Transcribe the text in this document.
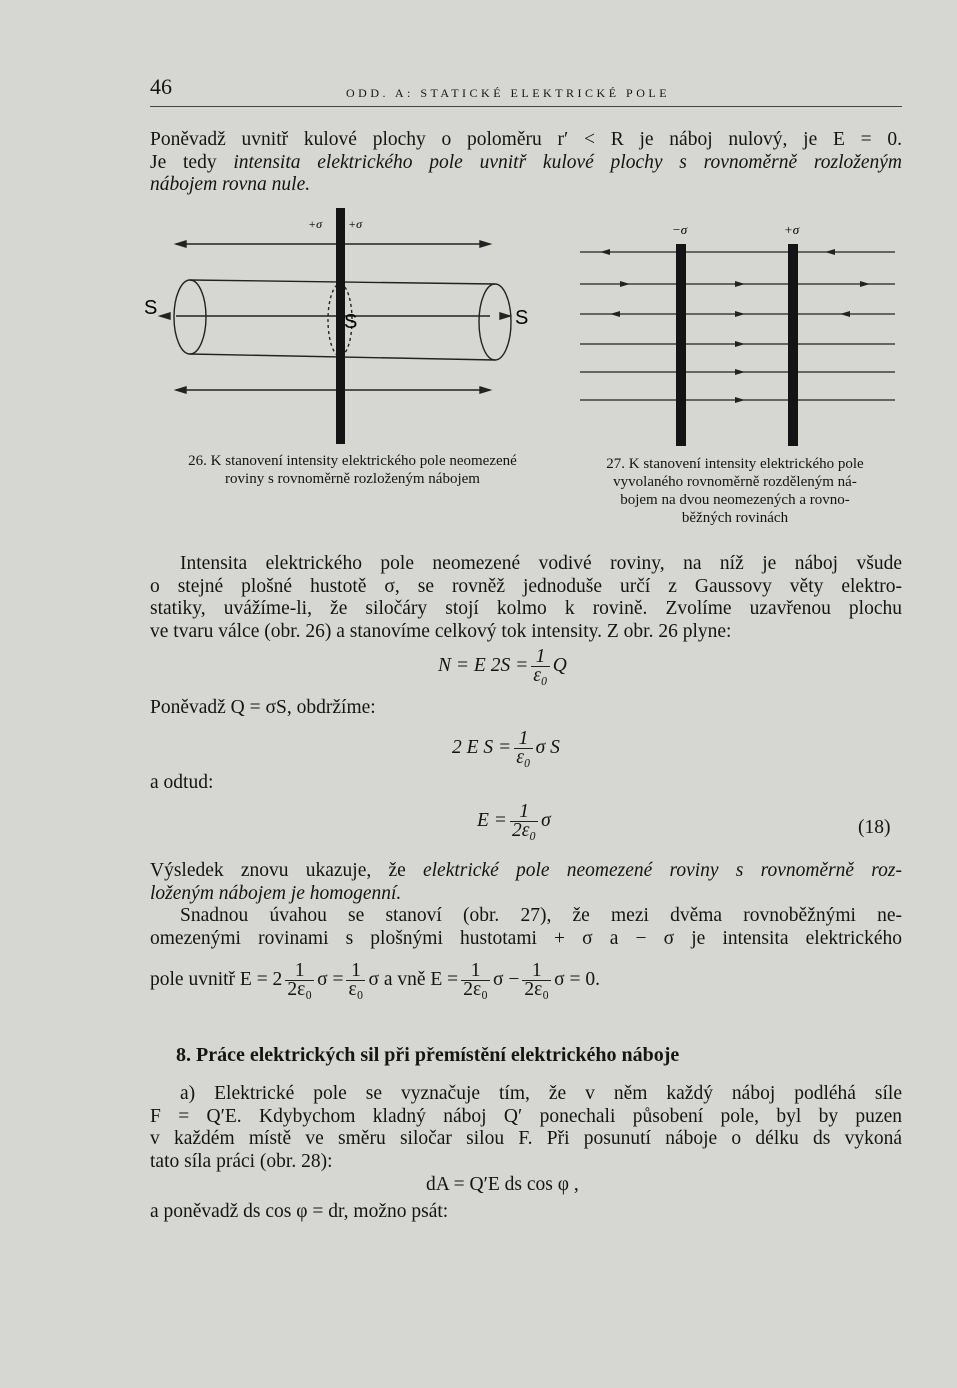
46	ODD. A: STATICKÉ ELEKTRICKÉ POLE
Poněvadž uvnitř kulové plochy o poloměru r′ < R je náboj nulový, je E = 0.
Je tedy intensita elektrického pole uvnitř kulové plochy s rovnoměrně rozloženým
nábojem rovna nule.
+σ +σ
S
S	S
26. K stanovení intensity elektrického pole neomezené
roviny s rovnoměrně rozloženým nábojem
−σ	+σ
27. K stanovení intensity elektrického pole
vyvolaného rovnoměrně rozděleným ná-
bojem na dvou neomezených a rovno-
běžných rovinách
Intensita elektrického pole neomezené vodivé roviny, na níž je náboj všude
o stejné plošné hustotě σ, se rovněž jednoduše určí z Gaussovy věty elektro-
statiky, uvážíme-li, že siločáry stojí kolmo k rovině. Zvolíme uzavřenou plochu
ve tvaru válce (obr. 26) a stanovíme celkový tok intensity. Z obr. 26 plyne:
N = E $2S = \frac{1}{\text{ε₀}}$ Q
Poněvadž Q = σS, obdržíme:
2 E $S = \frac{1}{\text{ε₀}}$ σ S
a odtud:
$E = \frac{1}{\text{2ε₀}}$ σ	(18)
Výsledek znovu ukazuje, že elektrické pole neomezené roviny s rovnoměrně roz-
loženým nábojem je homogenní.
Snadnou úvahou se stanoví (obr. 27), že mezi dvěma rovnoběžnými ne-
omezenými rovinami s plošnými hustotami + σ a − σ je intensita elektrického
pole uvnitř $E = 2 \frac{1}{\text{2ε₀}}$ $\sigma = \frac{1}{\text{ε₀}}$ σ a vně $E = \frac{1}{\text{2ε₀}}$ $\sigma - \frac{1}{\text{2ε₀}}$ σ = 0.
8. Práce elektrických sil při přemístění elektrického náboje
a) Elektrické pole se vyznačuje tím, že v něm každý náboj podléhá síle
F = Q′E. Kdybychom kladný náboj Q′ ponechali působení pole, byl by puzen
v každém místě ve směru siločar silou F. Při posunutí náboje o délku ds vykoná
tato síla práci (obr. 28):
dA = Q′E ds cos φ ,
a poněvadž ds cos φ = dr, možno psát:
